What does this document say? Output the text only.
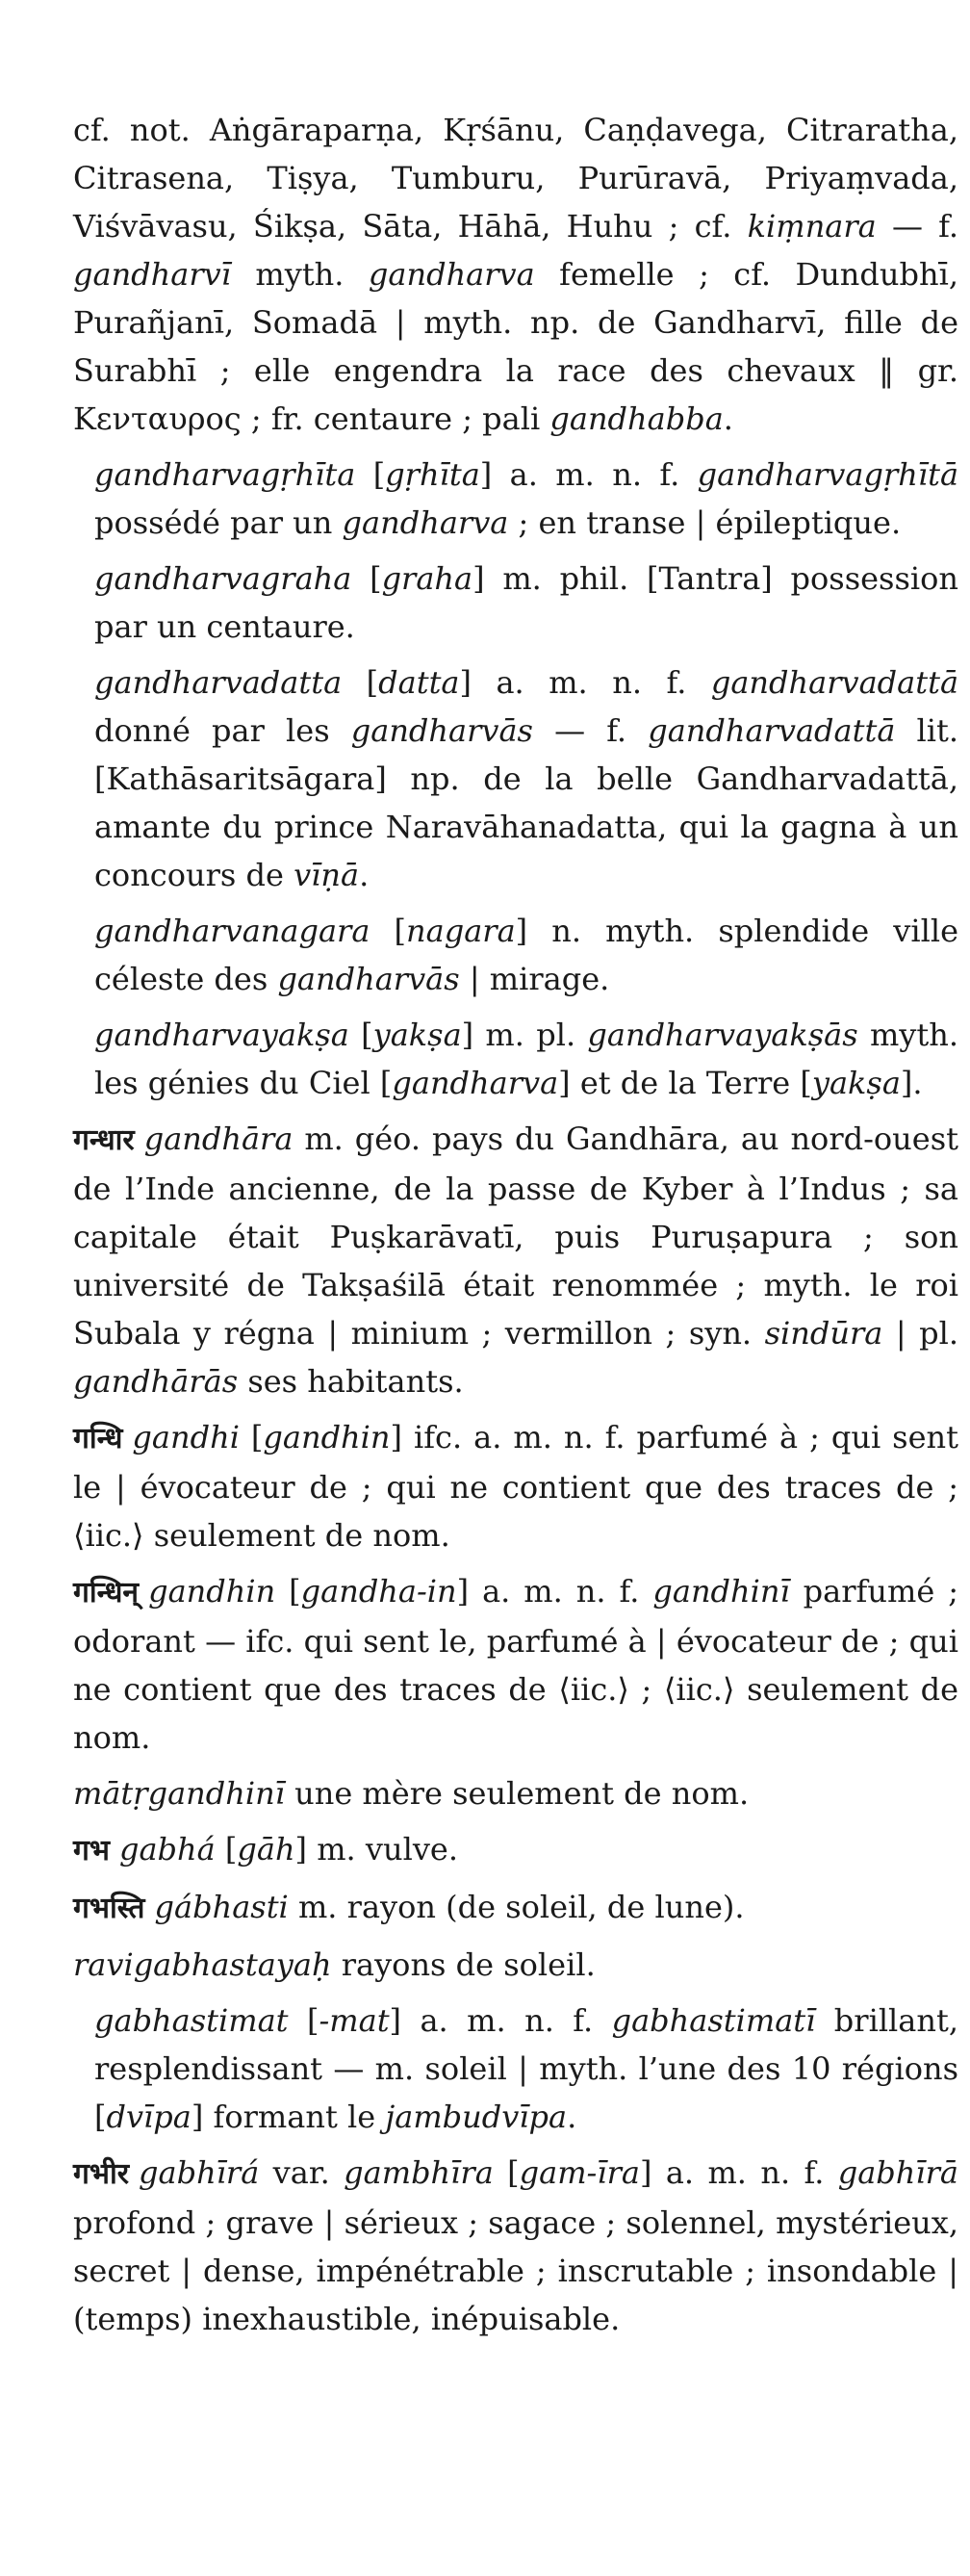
cf. not. Aṅgāraparṇa, Kṛśānu, Caṇḍavega, Citraratha, Citrasena, Tiṣya, Tumburu, Purūravā, Priyaṃvada, Viśvāvasu, Śikṣa, Sāta, Hāhā, Huhu ; cf. kiṃnara — f. gandharvī myth. gandharva femelle ; cf. Dundubhī, Purañjanī, Somadā | myth. np. de Gandharvī, fille de Surabhī ; elle engendra la race des chevaux ‖ gr. Κενταυρος ; fr. centaure ; pali gandhabba.

gandharvagṛhīta [gṛhīta] a. m. n. f. gandharvagṛhītā possédé par un gandharva ; en transe | épileptique.

gandharvagraha [graha] m. phil. [Tantra] possession par un centaure.

gandharvadatta [datta] a. m. n. f. gandharvadattā donné par les gandharvās — f. gandharvadattā lit. [Kathāsaritsāgara] np. de la belle Gandharvadattā, amante du prince Naravāhanadatta, qui la gagna à un concours de vīṇā.

gandharvanagara [nagara] n. myth. splendide ville céleste des gandharvās | mirage.

gandharvayakṣa [yakṣa] m. pl. gandharvayakṣās myth. les génies du Ciel [gandharva] et de la Terre [yakṣa].

गन्धार gandhāra m. géo. pays du Gandhāra, au nord-ouest de l’Inde ancienne, de la passe de Kyber à l’Indus ; sa capitale était Puṣkarāvatī, puis Puruṣapura ; son université de Takṣaśilā était renommée ; myth. le roi Subala y régna | minium ; vermillon ; syn. sindūra | pl. gandhārās ses habitants.

गन्धि gandhi [gandhin] ifc. a. m. n. f. parfumé à ; qui sent le | évocateur de ; qui ne contient que des traces de ; ⟨iic.⟩ seulement de nom.

गन्धिन् gandhin [gandha-in] a. m. n. f. gandhinī parfumé ; odorant — ifc. qui sent le, parfumé à | évocateur de ; qui ne contient que des traces de ⟨iic.⟩ ; ⟨iic.⟩ seulement de nom.

mātṛgandhinī une mère seulement de nom.

गभ gabhá [gāh] m. vulve.

गभस्ति gábhasti m. rayon (de soleil, de lune).

ravigabhastayaḥ rayons de soleil.

gabhastimat [-mat] a. m. n. f. gabhastimatī brillant, resplendissant — m. soleil | myth. l’une des 10 régions [dvīpa] formant le jambudvīpa.

गभीर gabhīrá var. gambhīra [gam-īra] a. m. n. f. gabhīrā profond ; grave | sérieux ; sagace ; solennel, mystérieux, secret | dense, impénétrable ; inscrutable ; insondable | (temps) inexhaustible, inépuisable.
